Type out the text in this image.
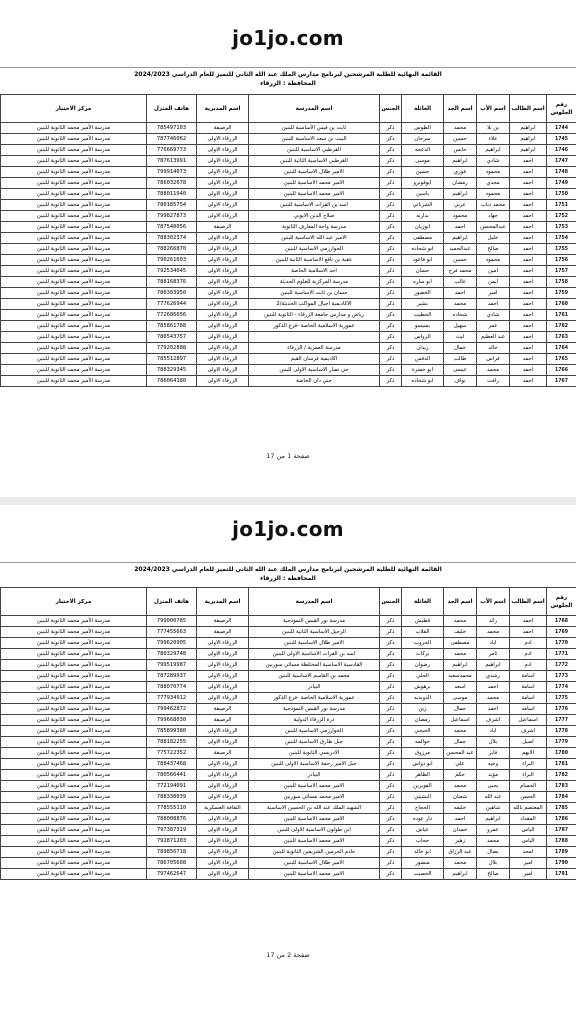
jo1jo.com
القائمة النهائية للطلبة المرشحين لبرنامج مدارس الملك عبد الله الثاني للتميز للعام الدراسي 2024/2023
المحافظة : الزرقاء
رقم الجلوس	اسم الطالب	اسم الأب	اسم الجد	العائلة	الجنس	اسم المدرسة	اسم المديرية	هاتف المنزل	مركز الاختبار
1744	ابراهيم	بن بلا	محمد	الطوس	ذكر	ثابت بن قيس الأساسية للبنين	الرصيفة	785497103	مدرسة الأمير محمد الثانوية للبنين
1745	ابراهيم	علاء	حسين	سرحان	ذكر	البيت بن سعد الاساسية للبنين	الزرقاء الاولى	787746062	مدرسة الأمير محمد الثانوية للبنين
1746	ابراهيم	ابراهيم	حابس	الدعجه	ذكر	القرطبي الاساسية للبنين	الزرقاء الاولى	776669773	مدرسة الأمير محمد الثانوية للبنين
1747	احمد	شادي	ابراهيم	موسى	ذكر	القرطبي الاساسية الثانية للبنين	الزرقاء الاولى	787613991	مدرسة الأمير محمد الثانوية للبنين
1748	احمد	محمود	فوزي	حسين	ذكر	الامير طلال الاساسية للبنين	الزرقاء الاولى	799914073	مدرسة الأمير محمد الثانوية للبنين
1749	احمد	مجدي	رمضان	ابوقوبرو	ذكر	الامير محمد الاساسية للبنين	الزرقاء الاولى	786032678	مدرسة الأمير محمد الثانوية للبنين
1750	احمد	محمود	ابراهيم	ياسين	ذكر	الامير محمد الاساسية للبنين	الزرقاء الاولى	788011940	مدرسة الأمير محمد الثانوية للبنين
1751	احمد	محمد دياب	عربي	الشرباتي	ذكر	اسد بن الفرات الاساسية للبنين	الزرقاء الاولى	780185754	مدرسة الأمير محمد الثانوية للبنين
1752	احمد	جهاد	محمود	بدارنه	ذكر	صلاح الدين الايوبي	الزرقاء الاولى	799827873	مدرسة الأمير محمد الثانوية للبنين
1753	احمد	عبدالمحسن	احمد	ابوزيان	ذكر	مدرسة واحة المعارف الثانوية	الرصيفة	787540056	مدرسة الأمير محمد الثانوية للبنين
1754	احمد	خليل	ابراهيم	مصطفى	ذكر	الامير عبد الله الاساسية للبنين	الزرقاء الاولى	788302374	مدرسة الأمير محمد الثانوية للبنين
1755	احمد	صالح	عبدالحميد	ابو شحاده	ذكر	الخوارزمي الاساسية للبنين	الزرقاء الاولى	788266870	مدرسة الأمير محمد الثانوية للبنين
1756	احمد	محمود	حسين	ابو قاعود	ذكر	عقبة بن نافع الاساسية الثانية للبنين	الزرقاء الاولى	790261603	مدرسة الأمير محمد الثانوية للبنين
1757	احمد	امين	محمد فرج	حسان	ذكر	احد الاسلامية الخاصة	الزرقاء الاولى	792534045	مدرسة الأمير محمد الثانوية للبنين
1758	احمد	ايمن	غالب	ابو ساره	ذكر	مدرسة المركزية للعلوم الحديثة	الزرقاء الاولى	788168376	مدرسة الأمير محمد الثانوية للبنين
1759	احمد	امير	احمد	الخضور	ذكر	حسان بن ثابت الاساسية للبنين	الزرقاء الاولى	786303950	مدرسة الأمير محمد الثانوية للبنين
1760	احمد	احمد	محمد	بشير	ذكر	الاكاديمية اجيال المواكب الحديثة/2	الزرقاء الاولى	777626944	مدرسة الأمير محمد الثانوية للبنين
1761	احمد	شادي	شحاده	الخطيب	ذكر	رياض و مدارس جامعة الزرقاء - الثانوية للبنين	الزرقاء الاولى	772686656	مدرسة الأمير محمد الثانوية للبنين
1762	احمد	عمر	سهيل	بسيسو	ذكر	عمورية الاسلامية الخاصة -فرع الذكور	الزرقاء الاولى	785861788	مدرسة الأمير محمد الثانوية للبنين
1763	احمد	عبد العظيم	ليث	الرواس	ذكر		الزرقاء الاولى	786543757	مدرسة الأمير محمد الثانوية للبنين
1764	احمد	خالد	جمال	زيدان	ذكر	مدرسة العمرية / الزرقاء	الزرقاء الاولى	779202888	مدرسة الأمير محمد الثانوية للبنين
1765	احمد	فراس	طالب	الدقس	ذكر	اكاديمية فرسان القيم	الزرقاء الاولى	785512897	مدرسة الأمير محمد الثانوية للبنين
1766	احمد	محمد	عيسى	ابو خضرة	ذكر	حي نصار الاساسية الاولى للبنين	الزرقاء الاولى	788329345	مدرسة الأمير محمد الثانوية للبنين
1767	احمد	رافت	نواف	ابو شحاده	ذكر	جني دان الخاصة	الزرقاء الاولى	786064180	مدرسة الأمير محمد الثانوية للبنين
صفحة 1 من 17
jo1jo.com
القائمة النهائية للطلبة المرشحين لبرنامج مدارس الملك عبد الله الثاني للتميز للعام الدراسي 2024/2023
المحافظة : الزرقاء
رقم الجلوس	اسم الطالب	اسم الأب	اسم الجد	العائلة	الجنس	اسم المدرسة	اسم المديرية	هاتف المنزل	مركز الاختبار
1768	احمد	رائد	محمد	قطيش	ذكر	مدرسة نور القيس النموذجية	الرصيفة	799000785	مدرسة الأمير محمد الثانوية للبنين
1769	احمد	محمد	خليف	القلاب	ذكر	الرجيل الاساسية الثانية للبنين	الرصيفة	777455663	مدرسة الأمير محمد الثانوية للبنين
1770	ادم	اياد	مصطفى	الحروب	ذكر	الامير طلال الاساسية للبنين	الزرقاء الاولى	799620905	مدرسة الأمير محمد الثانوية للبنين
1771	ادم	ثامر	محمد	بركات	ذكر	اسد بن الفرات الاساسية الاولى للبنين	الزرقاء الاولى	780329748	مدرسة الأمير محمد الثانوية للبنين
1772	ادم	ابراهيم	ابراهيم	رضوان	ذكر	القادسية الاساسية المختلطة مسائي سوريين	الزرقاء الاولى	799519987	مدرسة الأمير محمد الثانوية للبنين
1773	اسامة	رشدي	محمدسعيد	الحلي	ذكر	محمد بن القاسم الاساسية للبنين	الزرقاء الاولى	787289937	مدرسة الأمير محمد الثانوية للبنين
1774	اسامة	احمد	اسعد	برهوش	ذكر	البيادر	الزرقاء الاولى	788070774	مدرسة الأمير محمد الثانوية للبنين
1775	اسامة	محمد	موسى	الدويديه	ذكر	عمورية الاسلامية الخاصة -فرع الذكور	الزرقاء الاولى	777934912	مدرسة الأمير محمد الثانوية للبنين
1776	اسامه	احمد	جمال	زين	ذكر	مدرسة نور القيس النموذجية	الرصيفة	799462872	مدرسة الأمير محمد الثانوية للبنين
1777	اسماعيل	اشرف	اسماعيل	رمضان	ذكر	درة الزرقاء الدولية	الرصيفة	799668030	مدرسة الأمير محمد الثانوية للبنين
1778	اشرف	اياد	محمد	الحيحي	ذكر	الخوارزمي الاساسية للبنين	الزرقاء الاولى	785899380	مدرسة الأمير محمد الثانوية للبنين
1779	اصيل	بلال	جمال	حوالمه	ذكر	جبل طارق الاساسية للبنين	الزرقاء الاولى	788182255	مدرسة الأمير محمد الثانوية للبنين
1780	الايهم	فايز	عبد المحسن	مرزوق	ذكر	الادريسي الثانوية للبنين	الرصيفة	775722352	مدرسة الأمير محمد الثانوية للبنين
1781	البراء	وجيه	علي	ابو دواس	ذكر	جبل الامير رحمة الاساسية الاولى للبنين	الزرقاء الاولى	788437468	مدرسة الأمير محمد الثانوية للبنين
1782	البراء	مؤيد	حكم	الظاهر	ذكر	البيادر	الزرقاء الاولى	780566441	مدرسة الأمير محمد الثانوية للبنين
1783	الحسام	يحيى	محمد	الفويرين	ذكر	الامير محمد الاساسية للبنين	الزرقاء الاولى	772194091	مدرسة الأمير محمد الثانوية للبنين
1784	الحسن	عبد الله	شعبان	البشيتي	ذكر	الامير محمد مسائي سوريين	الزرقاء الاولى	788330039	مدرسة الأمير محمد الثانوية للبنين
1785	المعتصم بالله	شاهين	خليفه	الحجاج	ذكر	الشهيد الملك عبد الله بن الحسين الاساسية	الثقافة العسكرية	778555110	مدرسة الأمير محمد الثانوية للبنين
1786	المقداد	ابراهيم	احمد	دار عوده	ذكر	الامير محمد الاساسية للبنين	الزرقاء الاولى	788008876	مدرسة الأمير محمد الثانوية للبنين
1787	الياس	عمرو	حمدان	عياش	ذكر	ابن طولون الاساسية الاولى للبنين	الزرقاء الاولى	797387319	مدرسة الأمير محمد الثانوية للبنين
1788	الياس	محمد	زهير	حجاب	ذكر	الامير محمد الاساسية للبنين	الزرقاء الاولى	792871203	مدرسة الأمير محمد الثانوية للبنين
1789	امجد	نضال	عبد الرزاق	ابو خالد	ذكر	خادم الحرمين الشريفين الثانوية للبنين	الزرقاء الاولى	789856718	مدرسة الأمير محمد الثانوية للبنين
1790	امير	بلال	محمد	منصور	ذكر	الامير طلال الاساسية للبنين	الزرقاء الاولى	786705608	مدرسة الأمير محمد الثانوية للبنين
1791	امير	صالح	ابراهيم	الخصيب	ذكر	الامير محمد الاساسية للبنين	الزرقاء الاولى	797462647	مدرسة الأمير محمد الثانوية للبنين
صفحة 2 من 17
